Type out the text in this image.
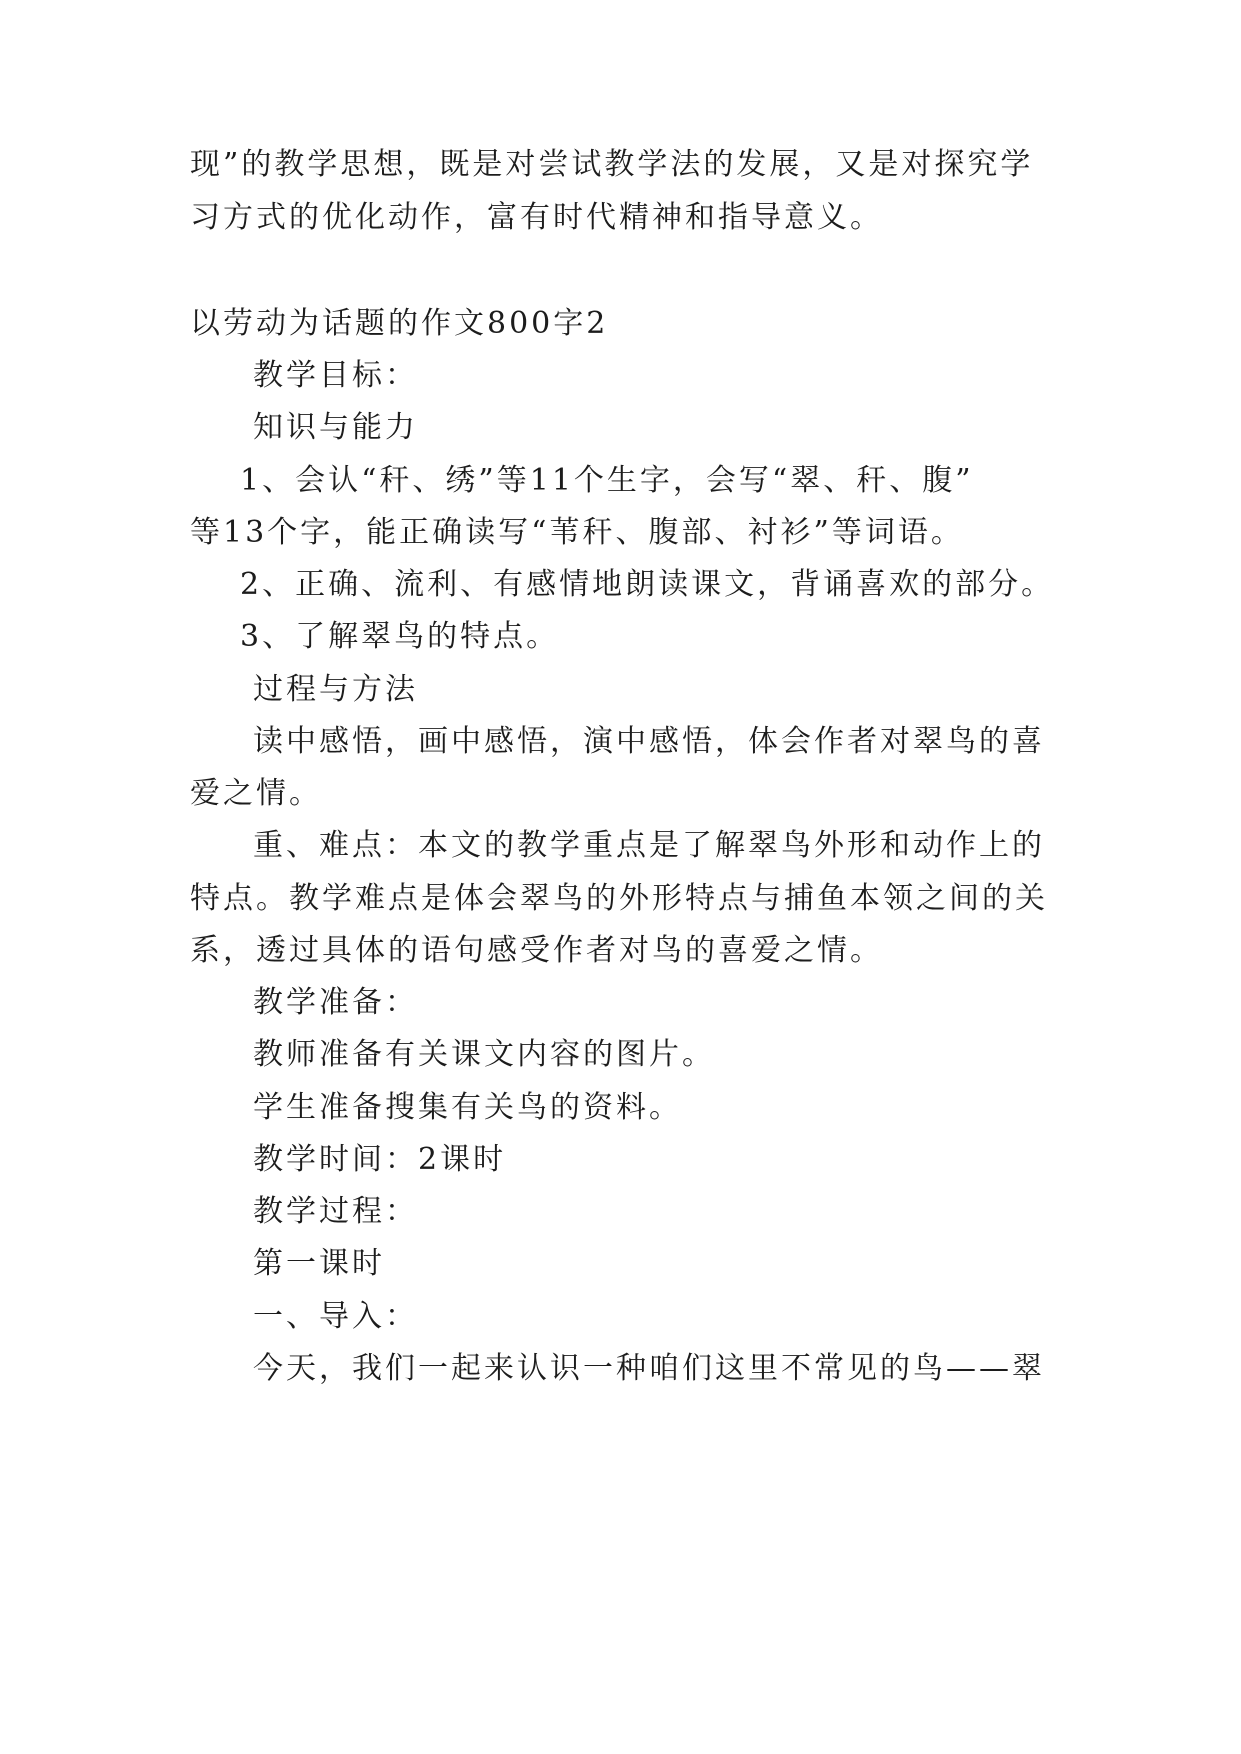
现”的教学思想，既是对尝试教学法的发展，又是对探究学
习方式的优化动作，富有时代精神和指导意义。
以劳动为话题的作文800字2
教学目标：
知识与能力
1、会认“秆、绣”等11个生字，会写“翠、秆、腹”
等13个字，能正确读写“苇秆、腹部、衬衫”等词语。
2、正确、流利、有感情地朗读课文，背诵喜欢的部分。
3、了解翠鸟的特点。
过程与方法
读中感悟，画中感悟，演中感悟，体会作者对翠鸟的喜
爱之情。
重、难点：本文的教学重点是了解翠鸟外形和动作上的
特点。教学难点是体会翠鸟的外形特点与捕鱼本领之间的关
系，透过具体的语句感受作者对鸟的喜爱之情。
教学准备：
教师准备有关课文内容的图片。
学生准备搜集有关鸟的资料。
教学时间：2课时
教学过程：
第一课时
一、导入：
今天，我们一起来认识一种咱们这里不常见的鸟——翠
